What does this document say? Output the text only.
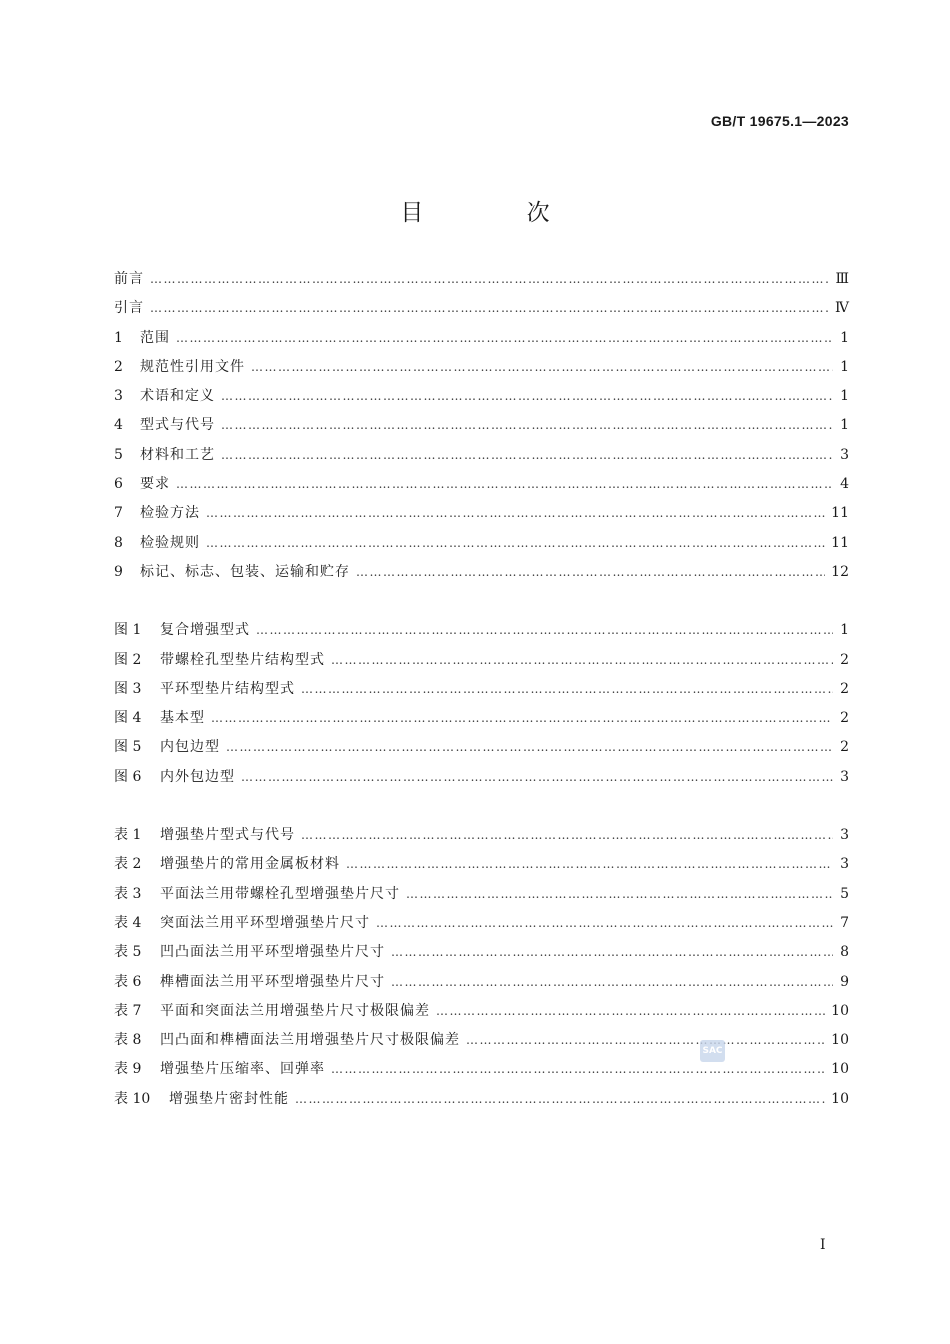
GB/T 19675.1—2023
目 次
前言 …………………………………………………………………………………………………………………………………………………………………………………………………………	Ⅲ
引言 …………………………………………………………………………………………………………………………………………………………………………………………………………	Ⅳ
1	范围 …………………………………………………………………………………………………………………………………………………………………………………………………………	1
2	规范性引用文件 …………………………………………………………………………………………………………………………………………………………………………………………………………	1
3	术语和定义 …………………………………………………………………………………………………………………………………………………………………………………………………………	1
4	型式与代号 …………………………………………………………………………………………………………………………………………………………………………………………………………	1
5	材料和工艺 …………………………………………………………………………………………………………………………………………………………………………………………………………	3
6	要求 …………………………………………………………………………………………………………………………………………………………………………………………………………	4
7	检验方法 …………………………………………………………………………………………………………………………………………………………………………………………………………	11
8	检验规则 …………………………………………………………………………………………………………………………………………………………………………………………………………	11
9	标记、标志、包装、运输和贮存 …………………………………………………………………………………………………………………………………………………………………………………………………………	12
图 1	复合增强型式 …………………………………………………………………………………………………………………………………………………………………………………………………………	1
图 2	带螺栓孔型垫片结构型式 …………………………………………………………………………………………………………………………………………………………………………………………………………	2
图 3	平环型垫片结构型式 …………………………………………………………………………………………………………………………………………………………………………………………………………	2
图 4	基本型 …………………………………………………………………………………………………………………………………………………………………………………………………………	2
图 5	内包边型 …………………………………………………………………………………………………………………………………………………………………………………………………………	2
图 6	内外包边型 …………………………………………………………………………………………………………………………………………………………………………………………………………	3
表 1	增强垫片型式与代号 …………………………………………………………………………………………………………………………………………………………………………………………………………	3
表 2	增强垫片的常用金属板材料 …………………………………………………………………………………………………………………………………………………………………………………………………………	3
表 3	平面法兰用带螺栓孔型增强垫片尺寸 …………………………………………………………………………………………………………………………………………………………………………………………………………	5
表 4	突面法兰用平环型增强垫片尺寸 …………………………………………………………………………………………………………………………………………………………………………………………………………	7
表 5	凹凸面法兰用平环型增强垫片尺寸 …………………………………………………………………………………………………………………………………………………………………………………………………………	8
表 6	榫槽面法兰用平环型增强垫片尺寸 …………………………………………………………………………………………………………………………………………………………………………………………………………	9
表 7	平面和突面法兰用增强垫片尺寸极限偏差 …………………………………………………………………………………………………………………………………………………………………………………………………………	10
表 8	凹凸面和榫槽面法兰用增强垫片尺寸极限偏差 …………………………………………………………………………………………………………………………………………………………………………………………………………	10
表 9	增强垫片压缩率、回弹率 …………………………………………………………………………………………………………………………………………………………………………………………………………	10
表 10	增强垫片密封性能 …………………………………………………………………………………………………………………………………………………………………………………………………………	10
SAC
Ⅰ
